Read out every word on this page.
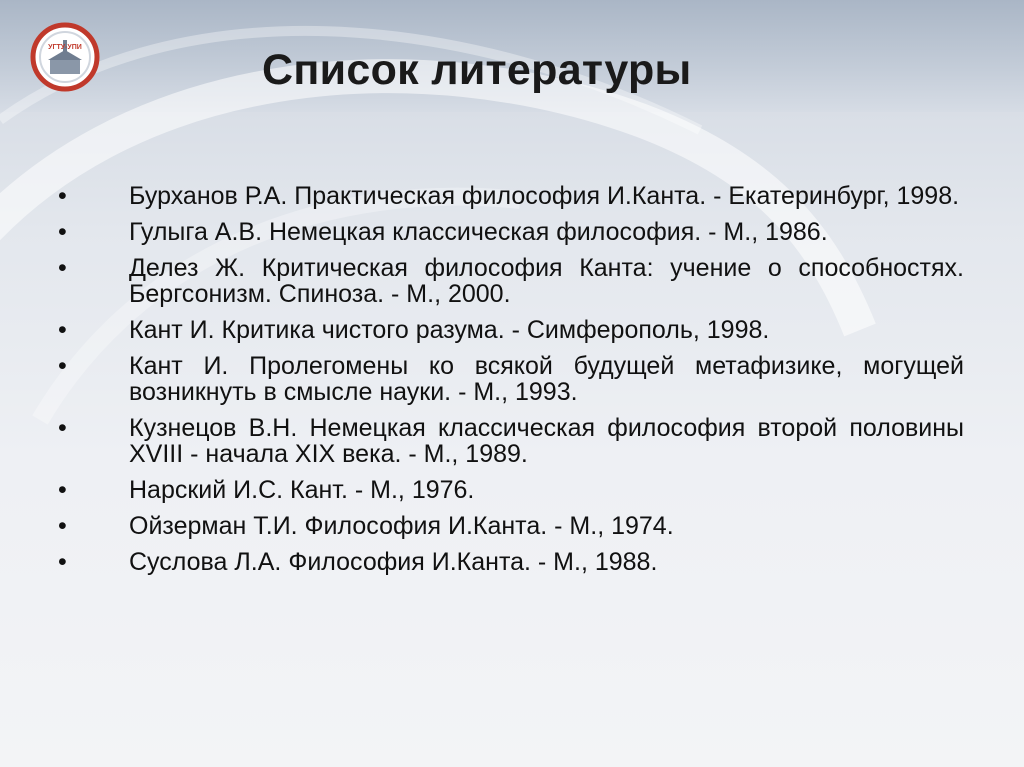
УГТУ-УПИ	Список литературы
•	Бурханов Р.А. Практическая философия И.Канта. - Екатеринбург, 1998.
•	Гулыга А.В. Немецкая классическая философия. - М., 1986.
•	Делез Ж. Критическая философия Канта: учение о способностях. Бергсонизм. Спиноза. - М., 2000.
•	Кант И. Критика чистого разума. - Симферополь, 1998.
•	Кант И. Пролегомены ко всякой будущей метафизике, могущей возникнуть в смысле науки. - М., 1993.
•	Кузнецов В.Н. Немецкая классическая философия второй половины XVIII - начала XIX века. - М., 1989.
•	Нарский И.С. Кант. - М., 1976.
•	Ойзерман Т.И. Философия И.Канта. - М., 1974.
•	Суслова Л.А. Философия И.Канта. - М., 1988.
